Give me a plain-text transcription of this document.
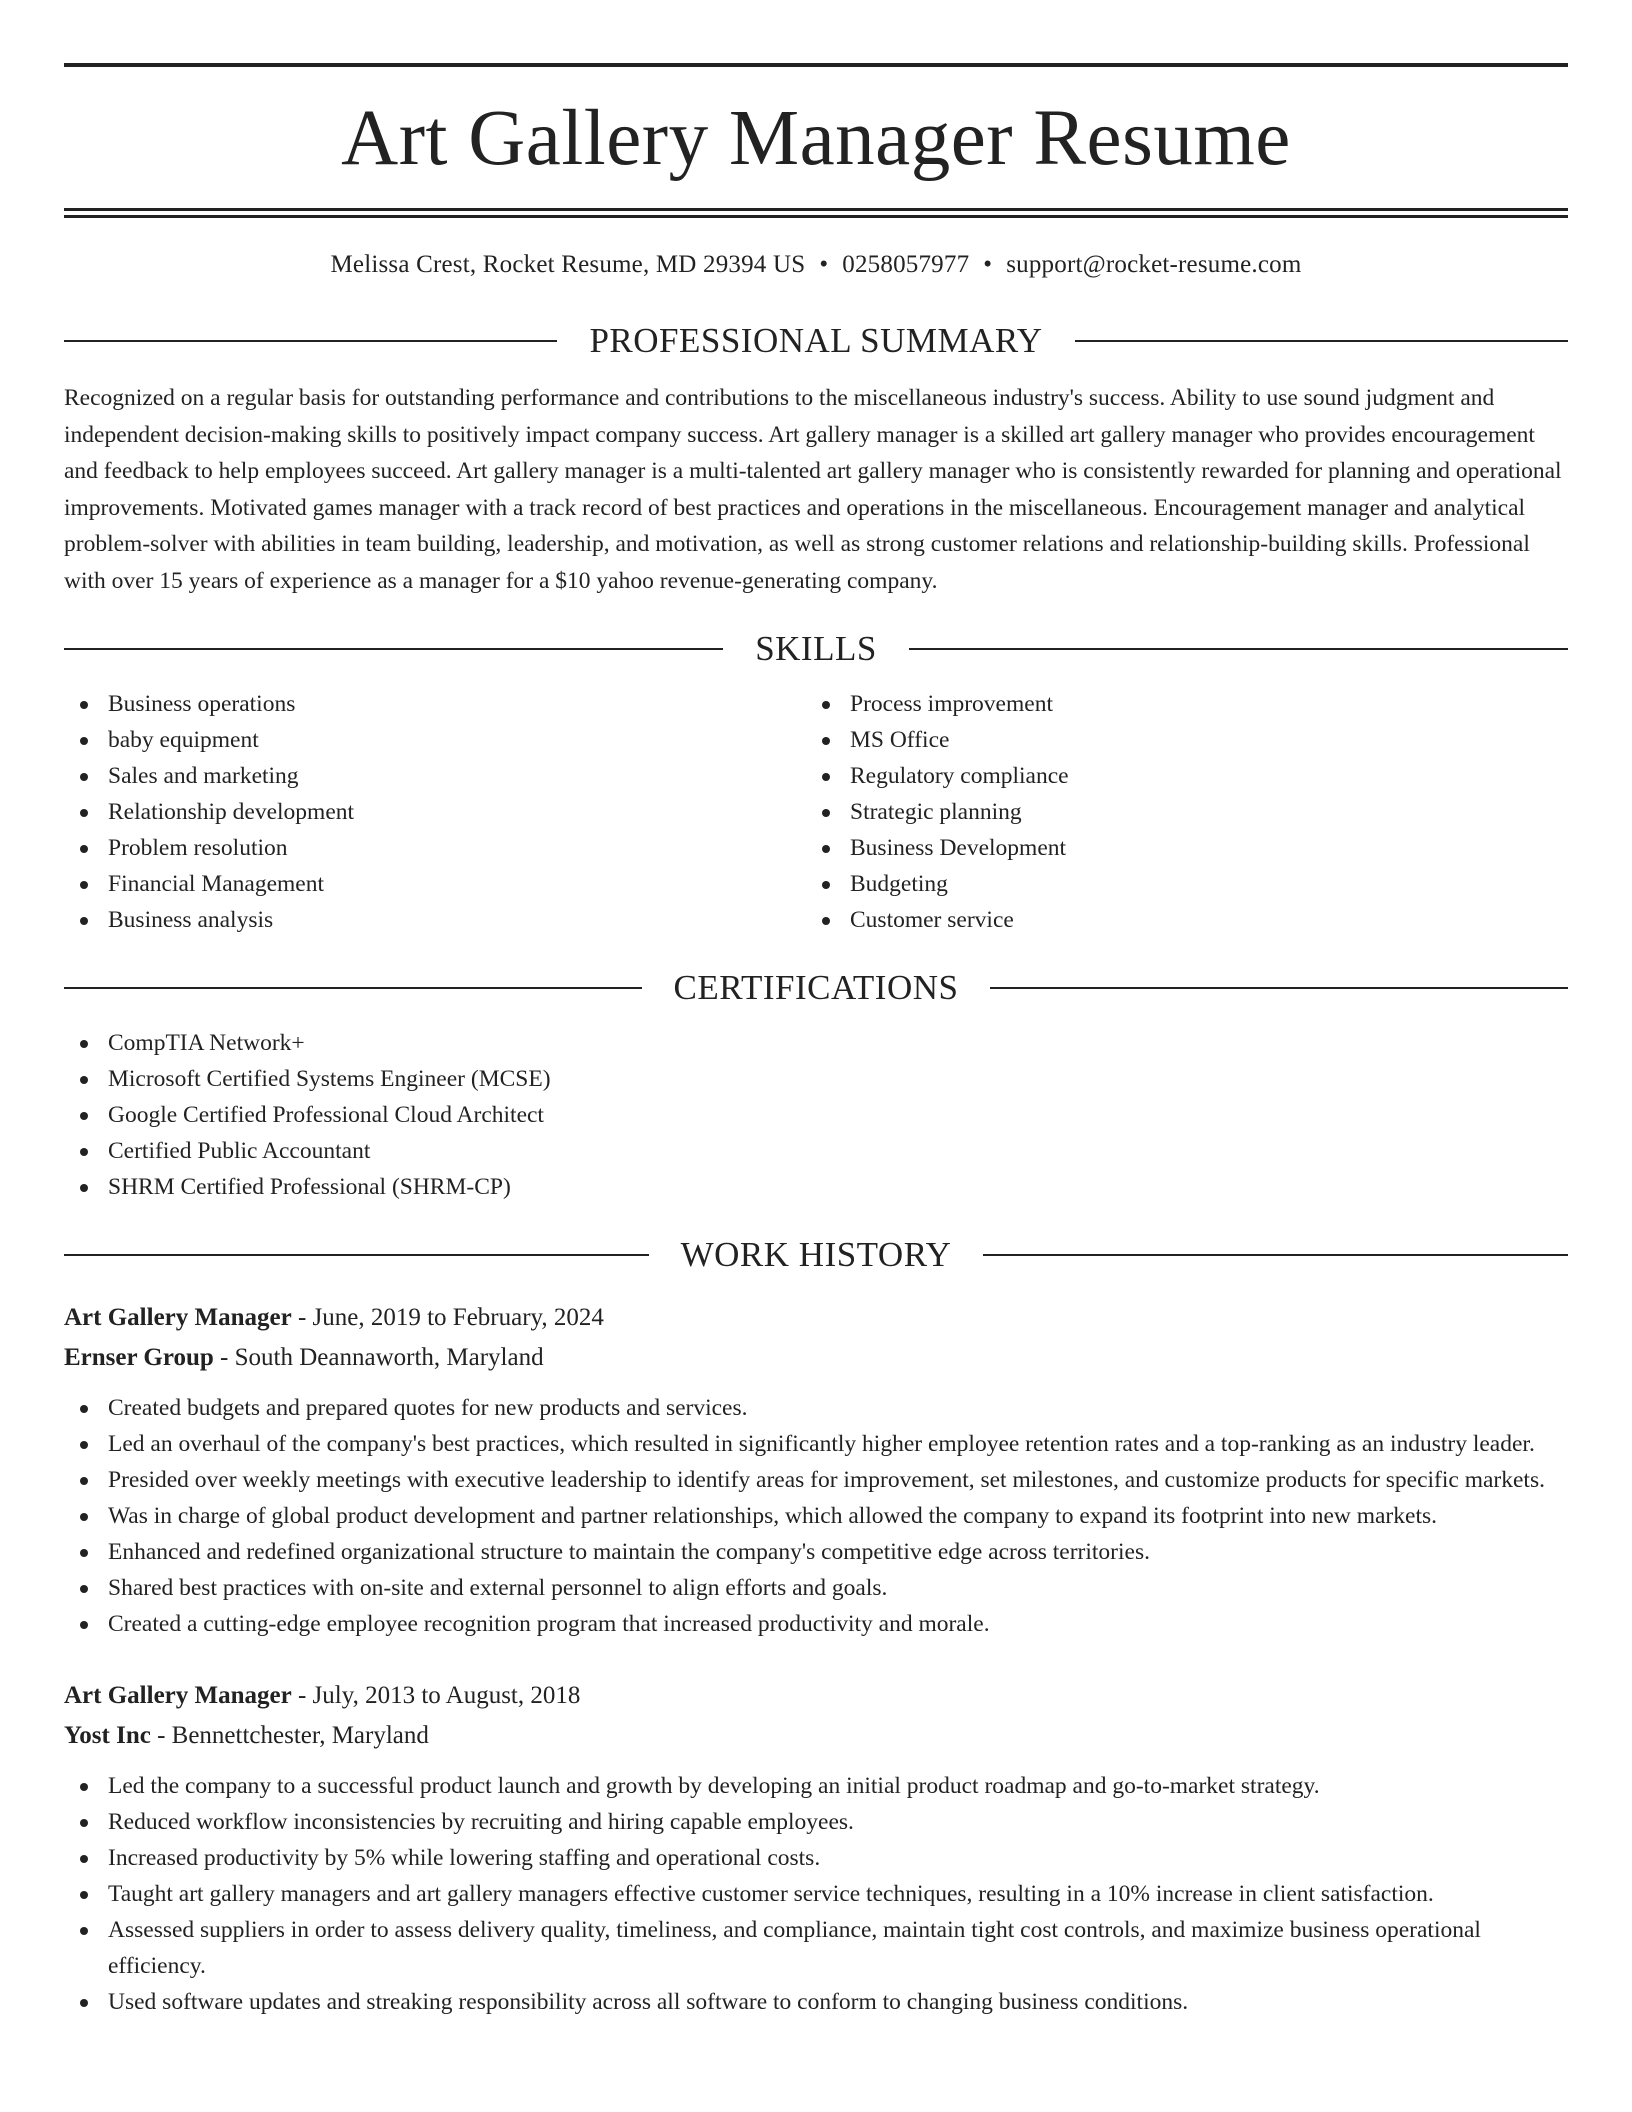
Art Gallery Manager Resume
Melissa Crest, Rocket Resume, MD 29394 US • 0258057977 • support@rocket-resume.com
PROFESSIONAL SUMMARY
Recognized on a regular basis for outstanding performance and contributions to the miscellaneous industry's success. Ability to use sound judgment and independent decision-making skills to positively impact company success. Art gallery manager is a skilled art gallery manager who provides encouragement and feedback to help employees succeed. Art gallery manager is a multi-talented art gallery manager who is consistently rewarded for planning and operational improvements. Motivated games manager with a track record of best practices and operations in the miscellaneous. Encouragement manager and analytical problem-solver with abilities in team building, leadership, and motivation, as well as strong customer relations and relationship-building skills. Professional with over 15 years of experience as a manager for a $10 yahoo revenue-generating company.
SKILLS
Business operations
baby equipment
Sales and marketing
Relationship development
Problem resolution
Financial Management
Business analysis
Process improvement
MS Office
Regulatory compliance
Strategic planning
Business Development
Budgeting
Customer service
CERTIFICATIONS
CompTIA Network+
Microsoft Certified Systems Engineer (MCSE)
Google Certified Professional Cloud Architect
Certified Public Accountant
SHRM Certified Professional (SHRM-CP)
WORK HISTORY
Art Gallery Manager - June, 2019 to February, 2024
Ernser Group - South Deannaworth, Maryland
Created budgets and prepared quotes for new products and services.
Led an overhaul of the company's best practices, which resulted in significantly higher employee retention rates and a top-ranking as an industry leader.
Presided over weekly meetings with executive leadership to identify areas for improvement, set milestones, and customize products for specific markets.
Was in charge of global product development and partner relationships, which allowed the company to expand its footprint into new markets.
Enhanced and redefined organizational structure to maintain the company's competitive edge across territories.
Shared best practices with on-site and external personnel to align efforts and goals.
Created a cutting-edge employee recognition program that increased productivity and morale.
Art Gallery Manager - July, 2013 to August, 2018
Yost Inc - Bennettchester, Maryland
Led the company to a successful product launch and growth by developing an initial product roadmap and go-to-market strategy.
Reduced workflow inconsistencies by recruiting and hiring capable employees.
Increased productivity by 5% while lowering staffing and operational costs.
Taught art gallery managers and art gallery managers effective customer service techniques, resulting in a 10% increase in client satisfaction.
Assessed suppliers in order to assess delivery quality, timeliness, and compliance, maintain tight cost controls, and maximize business operational efficiency.
Used software updates and streaking responsibility across all software to conform to changing business conditions.
